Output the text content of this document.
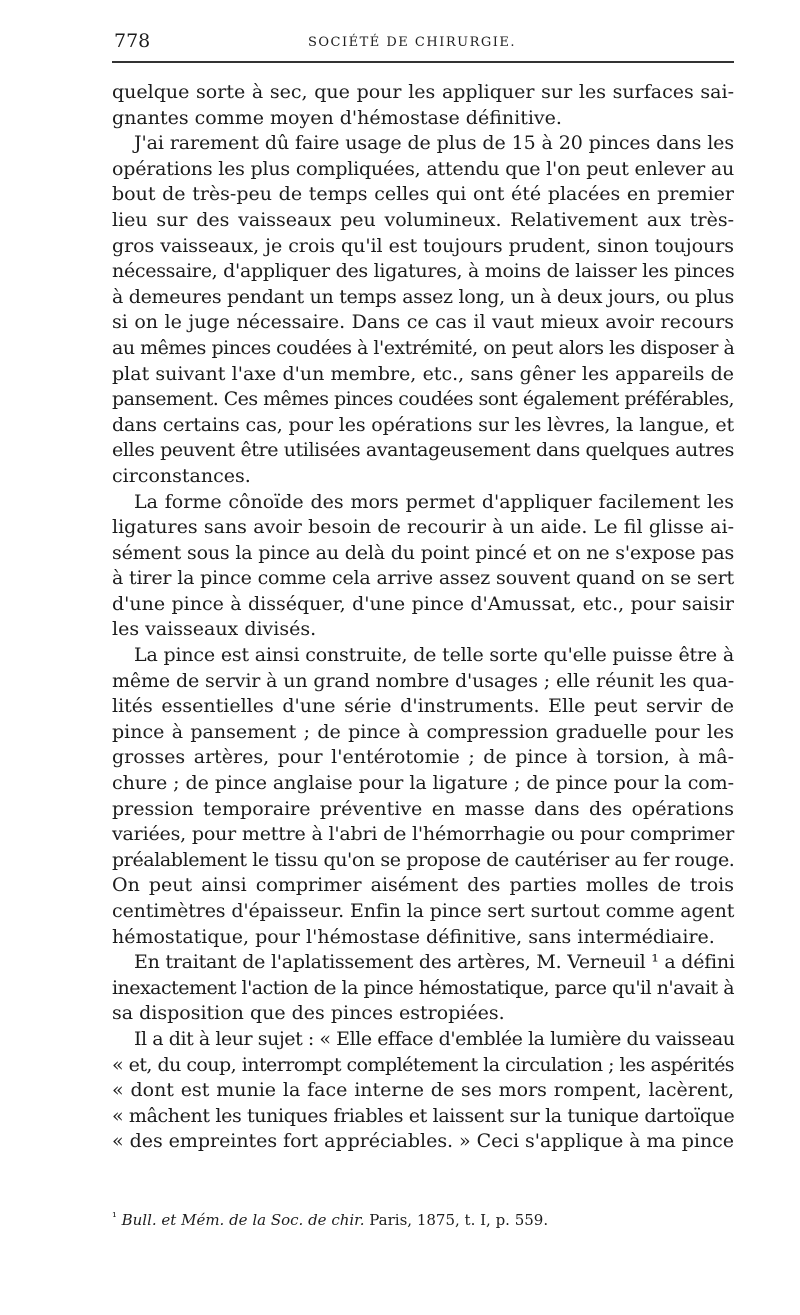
778	SOCIÉTÉ DE CHIRURGIE.
quelque sorte à sec, que pour les appliquer sur les surfaces sai-
gnantes comme moyen d'hémostase définitive.
J'ai rarement dû faire usage de plus de 15 à 20 pinces dans les
opérations les plus compliquées, attendu que l'on peut enlever au
bout de très-peu de temps celles qui ont été placées en premier
lieu sur des vaisseaux peu volumineux. Relativement aux très-
gros vaisseaux, je crois qu'il est toujours prudent, sinon toujours
nécessaire, d'appliquer des ligatures, à moins de laisser les pinces
à demeures pendant un temps assez long, un à deux jours, ou plus
si on le juge nécessaire. Dans ce cas il vaut mieux avoir recours
au mêmes pinces coudées à l'extrémité, on peut alors les disposer à
plat suivant l'axe d'un membre, etc., sans gêner les appareils de
pansement. Ces mêmes pinces coudées sont également préférables,
dans certains cas, pour les opérations sur les lèvres, la langue, et
elles peuvent être utilisées avantageusement dans quelques autres
circonstances.
La forme cônoïde des mors permet d'appliquer facilement les
ligatures sans avoir besoin de recourir à un aide. Le fil glisse ai-
sément sous la pince au delà du point pincé et on ne s'expose pas
à tirer la pince comme cela arrive assez souvent quand on se sert
d'une pince à disséquer, d'une pince d'Amussat, etc., pour saisir
les vaisseaux divisés.
La pince est ainsi construite, de telle sorte qu'elle puisse être à
même de servir à un grand nombre d'usages ; elle réunit les qua-
lités essentielles d'une série d'instruments. Elle peut servir de
pince à pansement ; de pince à compression graduelle pour les
grosses artères, pour l'entérotomie ; de pince à torsion, à mâ-
chure ; de pince anglaise pour la ligature ; de pince pour la com-
pression temporaire préventive en masse dans des opérations
variées, pour mettre à l'abri de l'hémorrhagie ou pour comprimer
préalablement le tissu qu'on se propose de cautériser au fer rouge.
On peut ainsi comprimer aisément des parties molles de trois
centimètres d'épaisseur. Enfin la pince sert surtout comme agent
hémostatique, pour l'hémostase définitive, sans intermédiaire.
En traitant de l'aplatissement des artères, M. Verneuil ¹ a défini
inexactement l'action de la pince hémostatique, parce qu'il n'avait à
sa disposition que des pinces estropiées.
Il a dit à leur sujet : « Elle efface d'emblée la lumière du vaisseau
« et, du coup, interrompt complétement la circulation ; les aspérités
« dont est munie la face interne de ses mors rompent, lacèrent,
« mâchent les tuniques friables et laissent sur la tunique dartoïque
« des empreintes fort appréciables. » Ceci s'applique à ma pince
$^{^1}$ Bull. et Mém. de la Soc. de chir. Paris, 1875, t. I, p. 559.
